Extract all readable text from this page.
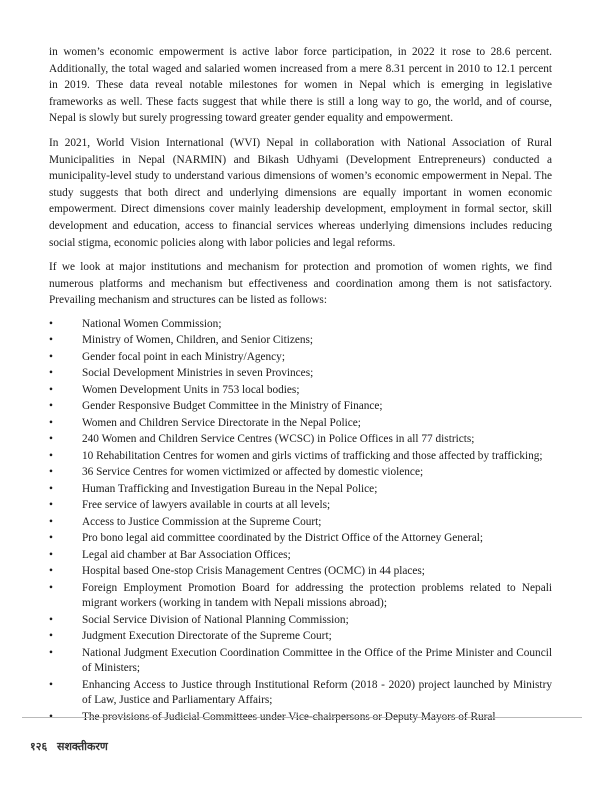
in women’s economic empowerment is active labor force participation, in 2022 it rose to 28.6 percent. Additionally, the total waged and salaried women increased from a mere 8.31 percent in 2010 to 12.1 percent in 2019. These data reveal notable milestones for women in Nepal which is emerging in legislative frameworks as well. These facts suggest that while there is still a long way to go, the world, and of course, Nepal is slowly but surely progressing toward greater gender equality and empowerment.

In 2021, World Vision International (WVI) Nepal in collaboration with National Association of Rural Municipalities in Nepal (NARMIN) and Bikash Udhyami (Development Entrepreneurs) conducted a municipality-level study to understand various dimensions of women’s economic empowerment in Nepal. The study suggests that both direct and underlying dimensions are equally important in women economic empowerment. Direct dimensions cover mainly leadership development, employment in formal sector, skill development and education, access to financial services whereas underlying dimensions includes reducing social stigma, economic policies along with labor policies and legal reforms.

If we look at major institutions and mechanism for protection and promotion of women rights, we find numerous platforms and mechanism but effectiveness and coordination among them is not satisfactory. Prevailing mechanism and structures can be listed as follows:

•	National Women Commission;
•	Ministry of Women, Children, and Senior Citizens;
•	Gender focal point in each Ministry/Agency;
•	Social Development Ministries in seven Provinces;
•	Women Development Units in 753 local bodies;
•	Gender Responsive Budget Committee in the Ministry of Finance;
•	Women and Children Service Directorate in the Nepal Police;
•	240 Women and Children Service Centres (WCSC) in Police Offices in all 77 districts;
•	10 Rehabilitation Centres for women and girls victims of trafficking and those affected by trafficking;
•	36 Service Centres for women victimized or affected by domestic violence;
•	Human Trafficking and Investigation Bureau in the Nepal Police;
•	Free service of lawyers available in courts at all levels;
•	Access to Justice Commission at the Supreme Court;
•	Pro bono legal aid committee coordinated by the District Office of the Attorney General;
•	Legal aid chamber at Bar Association Offices;
•	Hospital based One-stop Crisis Management Centres (OCMC) in 44 places;
•	Foreign Employment Promotion Board for addressing the protection problems related to Nepali migrant workers (working in tandem with Nepali missions abroad);
•	Social Service Division of National Planning Commission;
•	Judgment Execution Directorate of the Supreme Court;
•	National Judgment Execution Coordination Committee in the Office of the Prime Minister and Council of Ministers;
•	Enhancing Access to Justice through Institutional Reform (2018 - 2020) project launched by Ministry of Law, Justice and Parliamentary Affairs;
•	The provisions of Judicial Committees under Vice-chairpersons or Deputy Mayors of Rural
१२६ सशक्तीकरण
